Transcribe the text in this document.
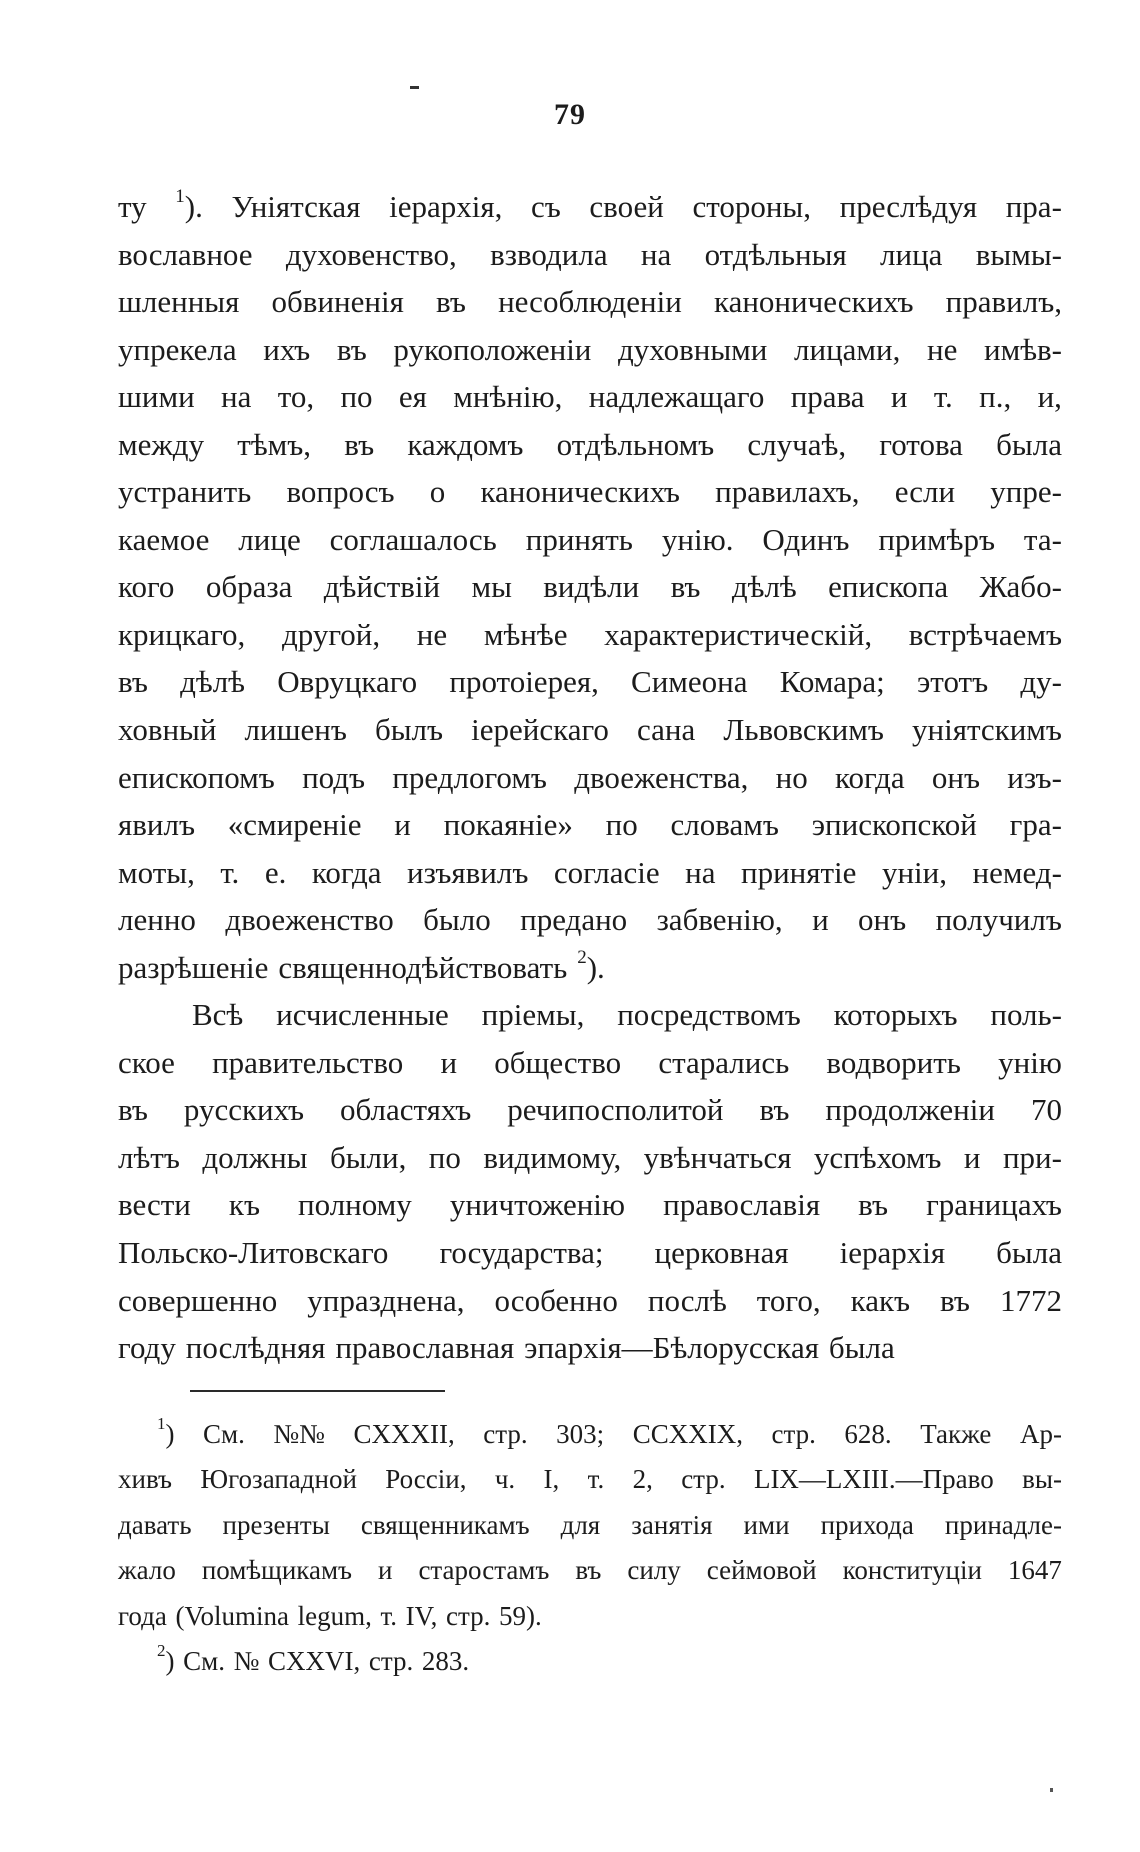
79
ту $^1$). Уніятская іерархія, съ своей стороны, преслѣдуя пра-
вославное духовенство, взводила на отдѣльныя лица вымы-
шленныя обвиненія въ несоблюденіи каноническихъ правилъ,
упрекела ихъ въ рукоположеніи духовными лицами, не имѣв-
шими на то, по ея мнѣнію, надлежащаго права и т. п., и,
между тѣмъ, въ каждомъ отдѣльномъ случаѣ, готова была
устранить вопросъ о каноническихъ правилахъ, если упре-
каемое лице соглашалось принять унію. Одинъ примѣръ та-
кого образа дѣйствій мы видѣли въ дѣлѣ епископа Жабо-
крицкаго, другой, не мѣнѣе характеристическій, встрѣчаемъ
въ дѣлѣ Овруцкаго протоіерея, Симеона Комара; этотъ ду-
ховный лишенъ былъ іерейскаго сана Львовскимъ уніятскимъ
епископомъ подъ предлогомъ двоеженства, но когда онъ изъ-
явилъ «смиреніе и покаяніе» по словамъ эпископской гра-
моты, т. е. когда изъявилъ согласіе на принятіе уніи, немед-
ленно двоеженство было предано забвенію, и онъ получилъ
разрѣшеніе священнодѣйствовать $^2$).
Всѣ исчисленные пріемы, посредствомъ которыхъ поль-
ское правительство и общество старались водворить унію
въ русскихъ областяхъ речипосполитой въ продолженіи 70
лѣтъ должны были, по видимому, увѣнчаться успѣхомъ и при-
вести къ полному уничтоженію православія въ границахъ
Польско-Литовскаго государства; церковная іерархія была
совершенно упразднена, особенно послѣ того, какъ въ 1772
году послѣдняя православная эпархія—Бѣлорусская была
$^1$) См. №№ CXXXII, стр. 303; CCXXIX, стр. 628. Также Ар-
хивъ Югозападной Россіи, ч. I, т. 2, стр. LIX—LXIII.—Право вы-
давать презенты священникамъ для занятія ими прихода принадле-
жало помѣщикамъ и старостамъ въ силу сеймовой конституціи 1647
года (Volumina legum, т. IV, стр. 59).
$^2$) См. № CXXVI, стр. 283.
